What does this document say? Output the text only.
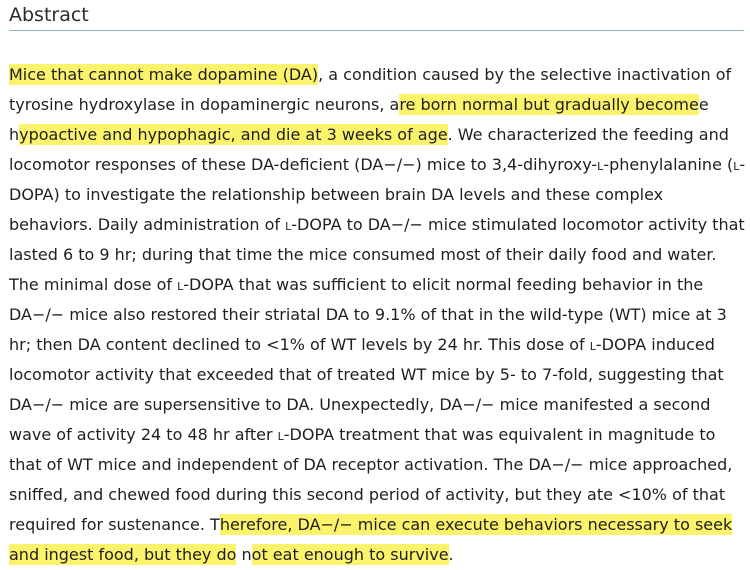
Abstract

Mice that cannot make dopamine (DA), a condition caused by the selective inactivation of tyrosine hydroxylase in dopaminergic neurons, are born normal but gradually becomee hypoactive and hypophagic, and die at 3 weeks of age. We characterized the feeding and locomotor responses of these DA-deficient (DA−/−) mice to 3,4-dihyroxy-l-phenylalanine (l-DOPA) to investigate the relationship between brain DA levels and these complex behaviors. Daily administration of l-DOPA to DA−/− mice stimulated locomotor activity that lasted 6 to 9 hr; during that time the mice consumed most of their daily food and water. The minimal dose of l-DOPA that was sufficient to elicit normal feeding behavior in the DA−/− mice also restored their striatal DA to 9.1% of that in the wild-type (WT) mice at 3 hr; then DA content declined to <1% of WT levels by 24 hr. This dose of l-DOPA induced locomotor activity that exceeded that of treated WT mice by 5- to 7-fold, suggesting that DA−/− mice are supersensitive to DA. Unexpectedly, DA−/− mice manifested a second wave of activity 24 to 48 hr after l-DOPA treatment that was equivalent in magnitude to that of WT mice and independent of DA receptor activation. The DA−/− mice approached, sniffed, and chewed food during this second period of activity, but they ate <10% of that required for sustenance. Therefore, DA−/− mice can execute behaviors necessary to seek and ingest food, but they do not eat enough to survive.
